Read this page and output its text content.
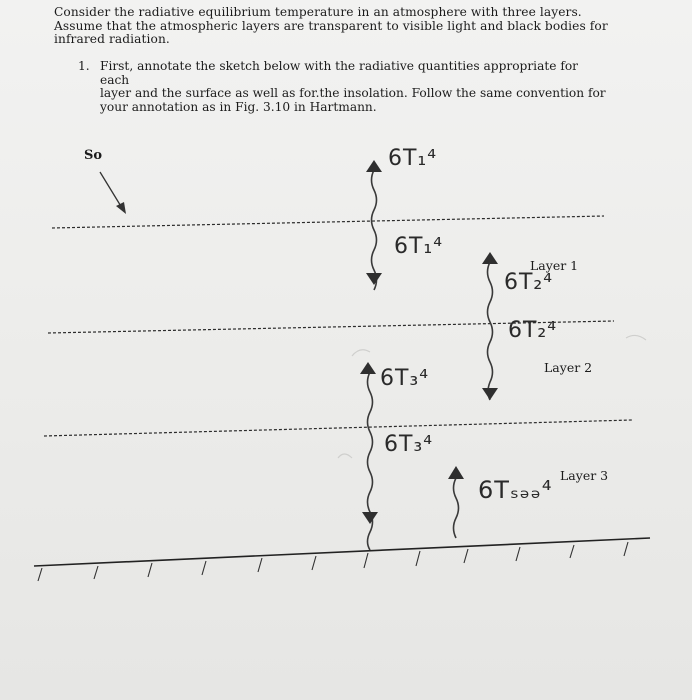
Consider the radiative equilibrium temperature in an atmosphere with three layers.
Assume that the atmospheric layers are transparent to visible light and black bodies for
infrared radiation.
1. First, annotate the sketch below with the radiative quantities appropriate for each
layer and the surface as well as for.the insolation. Follow the same convention for
your annotation as in Fig. 3.10 in Hartmann.
So
Layer 1
Layer 2
Layer 3
6T₁⁴
6T₁⁴
6T₂⁴
6T₂⁴
6T₃⁴
6T₃⁴
6Tₛₔₔ⁴
